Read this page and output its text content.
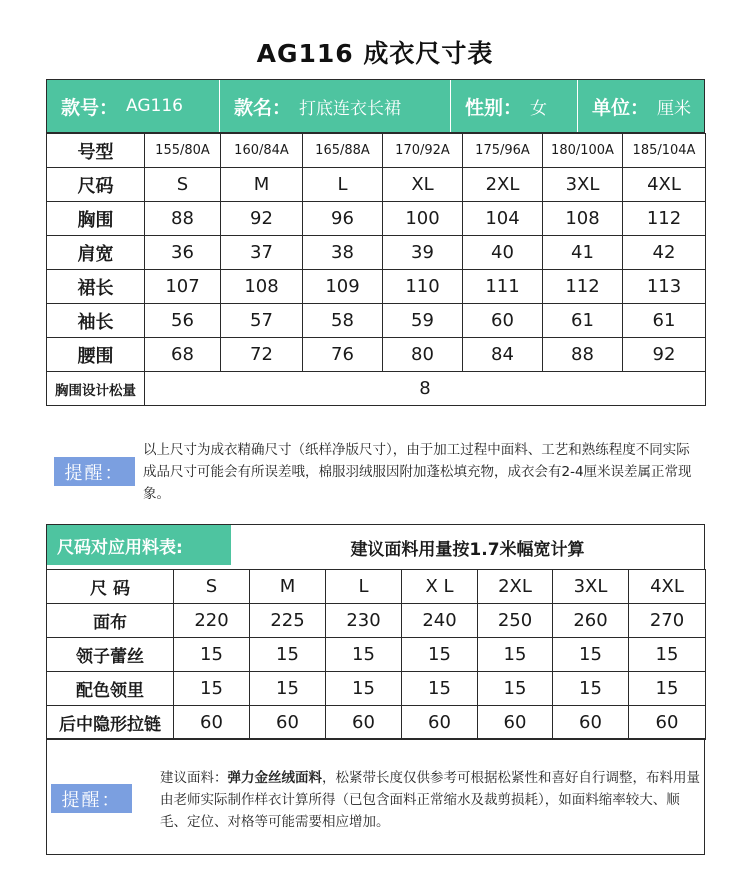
AG116 成衣尺寸表
款号： AG116	款名： 打底连衣长裙	性别： 女 单位： 厘米
号型	155/80A	160/84A	165/88A	170/92A	175/96A	180/100A	185/104A
尺码	S	M	L	XL	2XL	3XL	4XL
胸围	88	92	96	100	104	108	112
肩宽	36	37	38	39	40	41	42
裙长	107	108	109	110	111	112	113
袖长	56	57	58	59	60	61	61
腰围	68	72	76	80	84	88	92
胸围设计松量	8						
提醒：
以上尺寸为成衣精确尺寸（纸样净版尺寸），由于加工过程中面料、工艺和熟练程度不同实际成品尺寸可能会有所误差哦，棉服羽绒服因附加蓬松填充物，成衣会有2-4厘米误差属正常现象。
尺码对应用料表:	建议面料用量按1.7米幅宽计算
尺 码	S	M	L	X L	2XL	3XL	4XL
面布	220	225	230	240	250	260	270
领子蕾丝	15	15	15	15	15	15	15
配色领里	15	15	15	15	15	15	15
后中隐形拉链	60	60	60	60	60	60	60
提醒：
建议面料：弹力金丝绒面料，松紧带长度仅供参考可根据松紧性和喜好自行调整，布料用量由老师实际制作样衣计算所得（已包含面料正常缩水及裁剪损耗），如面料缩率较大、顺毛、定位、对格等可能需要相应增加。
